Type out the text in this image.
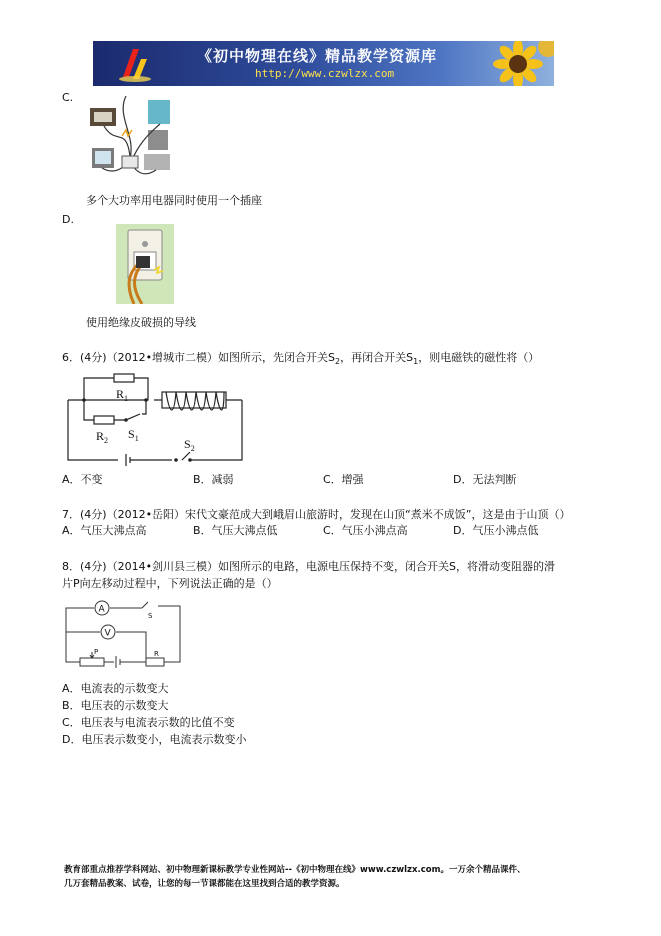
《初中物理在线》精品教学资源库
http://www.czwlzx.com
C.
多个大功率用电器同时使用一个插座
D.
使用绝缘皮破损的导线
6．(4分)（2012•增城市二模）如图所示，先闭合开关$S_2$，再闭合开关$S_1$，则电磁铁的磁性将（）
$R_1$
$R_2$ $S_1$	$S_2$
A．不变	B．减弱	C．增强	D．无法判断
7．(4分)（2012•岳阳）宋代文豪范成大到峨眉山旅游时，发现在山顶“煮米不成饭”，这是由于山顶（）
A．气压大沸点高	B．气压大沸点低	C．气压小沸点高	D．气压小沸点低
8．(4分)（2014•剑川县三模）如图所示的电路，电源电压保持不变，闭合开关S，将滑动变阻器的滑
片P向左移动过程中，下列说法正确的是（）
A
V
S
P	R
A．电流表的示数变大
B．电压表的示数变大
C．电压表与电流表示数的比值不变
D．电压表示数变小，电流表示数变小
教育部重点推荐学科网站、初中物理新课标教学专业性网站--《初中物理在线》www.czwlzx.com。一万余个精品课件、
几万套精品教案、试卷，让您的每一节课都能在这里找到合适的教学资源。
